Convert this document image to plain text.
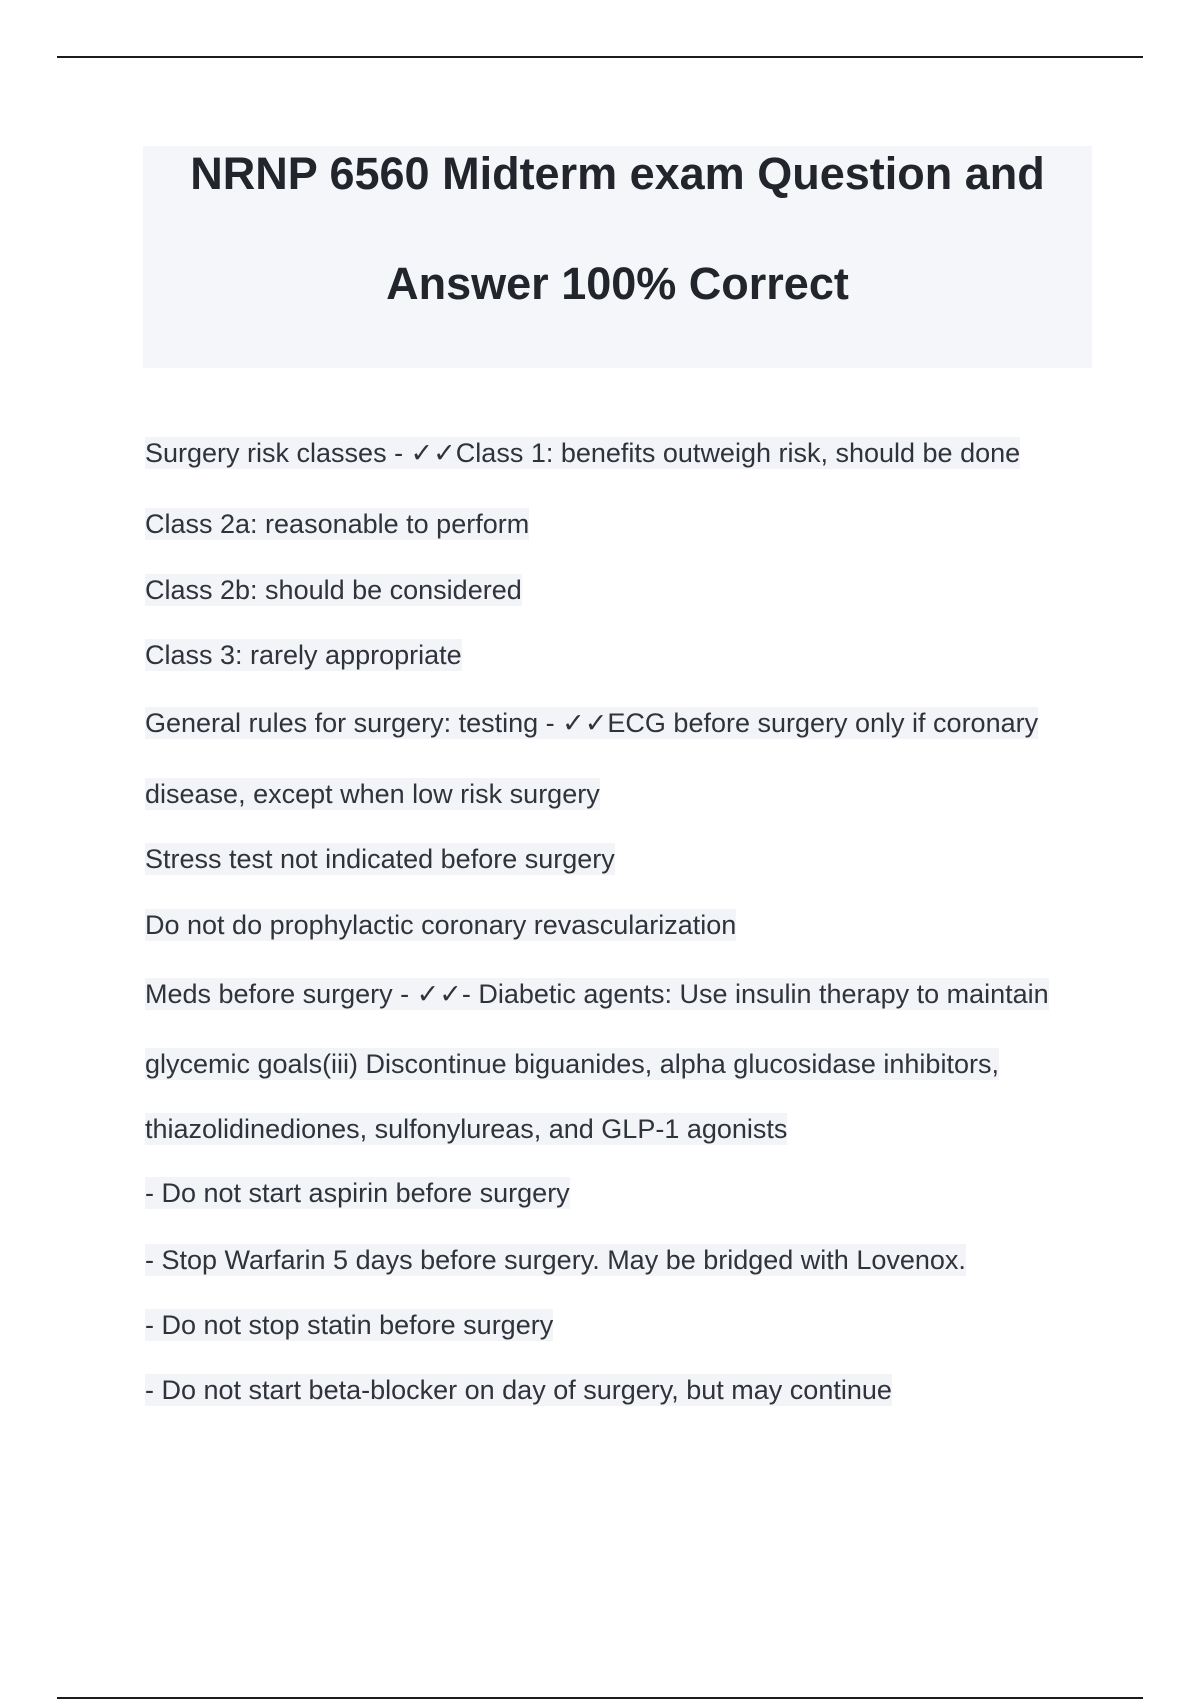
NRNP 6560 Midterm exam Question and
Answer 100% Correct
Surgery risk classes - ✓✓Class 1: benefits outweigh risk, should be done
Class 2a: reasonable to perform
Class 2b: should be considered
Class 3: rarely appropriate
General rules for surgery: testing - ✓✓ECG before surgery only if coronary
disease, except when low risk surgery
Stress test not indicated before surgery
Do not do prophylactic coronary revascularization
Meds before surgery - ✓✓- Diabetic agents: Use insulin therapy to maintain
glycemic goals(iii) Discontinue biguanides, alpha glucosidase inhibitors,
thiazolidinediones, sulfonylureas, and GLP-1 agonists
- Do not start aspirin before surgery
- Stop Warfarin 5 days before surgery. May be bridged with Lovenox.
- Do not stop statin before surgery
- Do not start beta-blocker on day of surgery, but may continue
